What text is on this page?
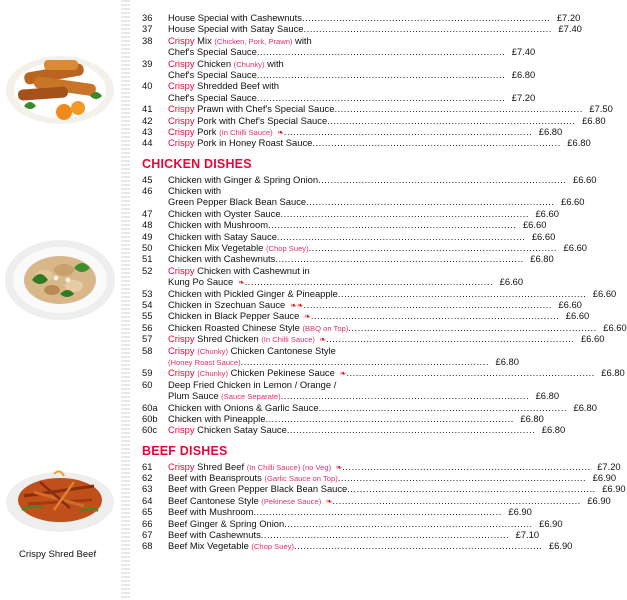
Crispy Shred Beef
36	House Special with Cashewnuts ................................................................................ £7.20
37	House Special with Satay Sauce ................................................................................ £7.40
38	Crispy Mix (Chicken, Pork, Prawn) with
Chef's Special Sauce ................................................................................ £7.40
39	Crispy Chicken (Chunky) with
Chef's Special Sauce ................................................................................ £6.80
40	Crispy Shredded Beef with
Chef's Special Sauce ................................................................................ £7.20
41	Crispy Prawn with Chef's Special Sauce ................................................................................ £7.50
42	Crispy Pork with Chef's Special Sauce ................................................................................ £6.80
43	Crispy Pork (In Chilli Sauce)  ❧ ................................................................................ £6.80
44	Crispy Pork in Honey Roast Sauce ................................................................................ £6.80
CHICKEN DISHES
45	Chicken with Ginger & Spring Onion ................................................................................ £6.60
46	Chicken with
Green Pepper Black Bean Sauce ................................................................................ £6.60
47	Chicken with Oyster Sauce ................................................................................ £6.60
48	Chicken with Mushroom ................................................................................ £6.60
49	Chicken with Satay Sauce ................................................................................ £6.60
50	Chicken Mix Vegetable (Chop Suey) ................................................................................ £6.60
51	Chicken with Cashewnuts ................................................................................ £6.80
52	Crispy Chicken with Cashewnut in
Kung Po Sauce  ❧ ................................................................................ £6.60
53	Chicken with Pickled Ginger & Pineapple ................................................................................ £6.60
54	Chicken in Szechuan Sauce  ❧❧ ................................................................................ £6.60
55	Chicken in Black Pepper Sauce  ❧ ................................................................................ £6.60
56	Chicken Roasted Chinese Style (BBQ on Top) ................................................................................ £6.60
57	Crispy Shred Chicken (In Chilli Sauce)  ❧ ................................................................................ £6.60
58	Crispy (Chunky) Chicken Cantonese Style
(Honey Roast Sauce) ................................................................................ £6.80
59	Crispy (Chunky) Chicken Pekinese Sauce  ❧ ................................................................................ £6.80
60	Deep Fried Chicken in Lemon / Orange /
Plum Sauce (Sauce Separate) ................................................................................ £6.80
60a	Chicken with Onions & Garlic Sauce ................................................................................ £6.80
60b	Chicken with Pineapple ................................................................................ £6.80
60c	Crispy Chicken Satay Sauce ................................................................................ £6.80
BEEF DISHES
61	Crispy Shred Beef (In Chilli Sauce) (no Veg)  ❧ ................................................................................ £7.20
62	Beef with Beansprouts (Garlic Sauce on Top) ................................................................................ £6.90
63	Beef with Green Pepper Black Bean Sauce ................................................................................ £6.90
64	Beef Cantonese Style (Pekinese Sauce)  ❧ ................................................................................ £6.90
65	Beef with Mushroom ................................................................................ £6.90
66	Beef Ginger & Spring Onion ................................................................................ £6.90
67	Beef with Cashewnuts ................................................................................ £7.10
68	Beef Mix Vegetable (Chop Suey) ................................................................................ £6.90
